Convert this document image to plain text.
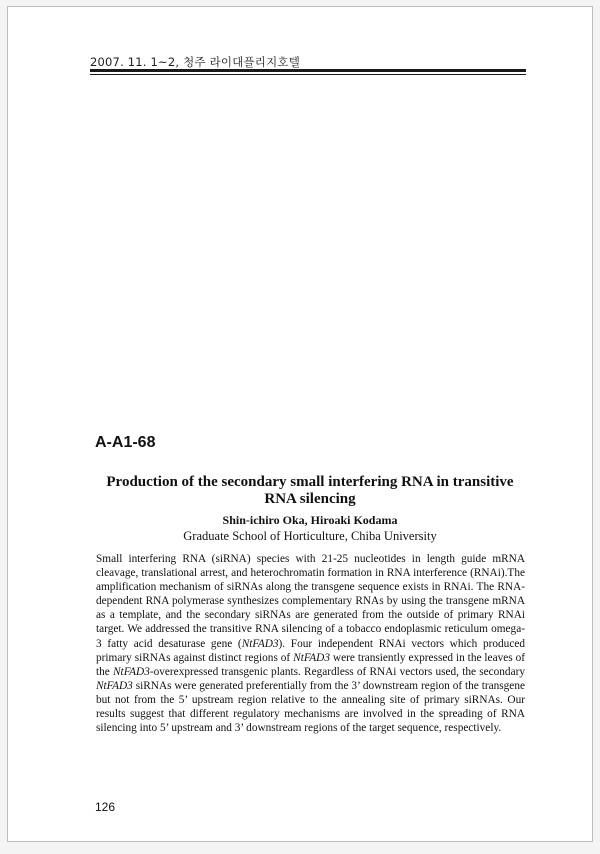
2007. 11. 1~2, 청주 라이대플리지호텔
A-A1-68
Production of the secondary small interfering RNA in transitive RNA silencing
Shin-ichiro Oka, Hiroaki Kodama
Graduate School of Horticulture, Chiba University

Small interfering RNA (siRNA) species with 21-25 nucleotides in length guide mRNA cleavage, translational arrest, and heterochromatin formation in RNA interference (RNAi).The amplification mechanism of siRNAs along the transgene sequence exists in RNAi. The RNA-dependent RNA polymerase synthesizes complementary RNAs by using the transgene mRNA as a template, and the secondary siRNAs are generated from the outside of primary RNAi target. We addressed the transitive RNA silencing of a tobacco endoplasmic reticulum omega-3 fatty acid desaturase gene (NtFAD3). Four independent RNAi vectors which produced primary siRNAs against distinct regions of NtFAD3 were transiently expressed in the leaves of the NtFAD3-overexpressed transgenic plants. Regardless of RNAi vectors used, the secondary NtFAD3 siRNAs were generated preferentially from the 3’ downstream region of the transgene but not from the 5’ upstream region relative to the annealing site of primary siRNAs. Our results suggest that different regulatory mechanisms are involved in the spreading of RNA silencing into 5’ upstream and 3’ downstream regions of the target sequence, respectively.

126
